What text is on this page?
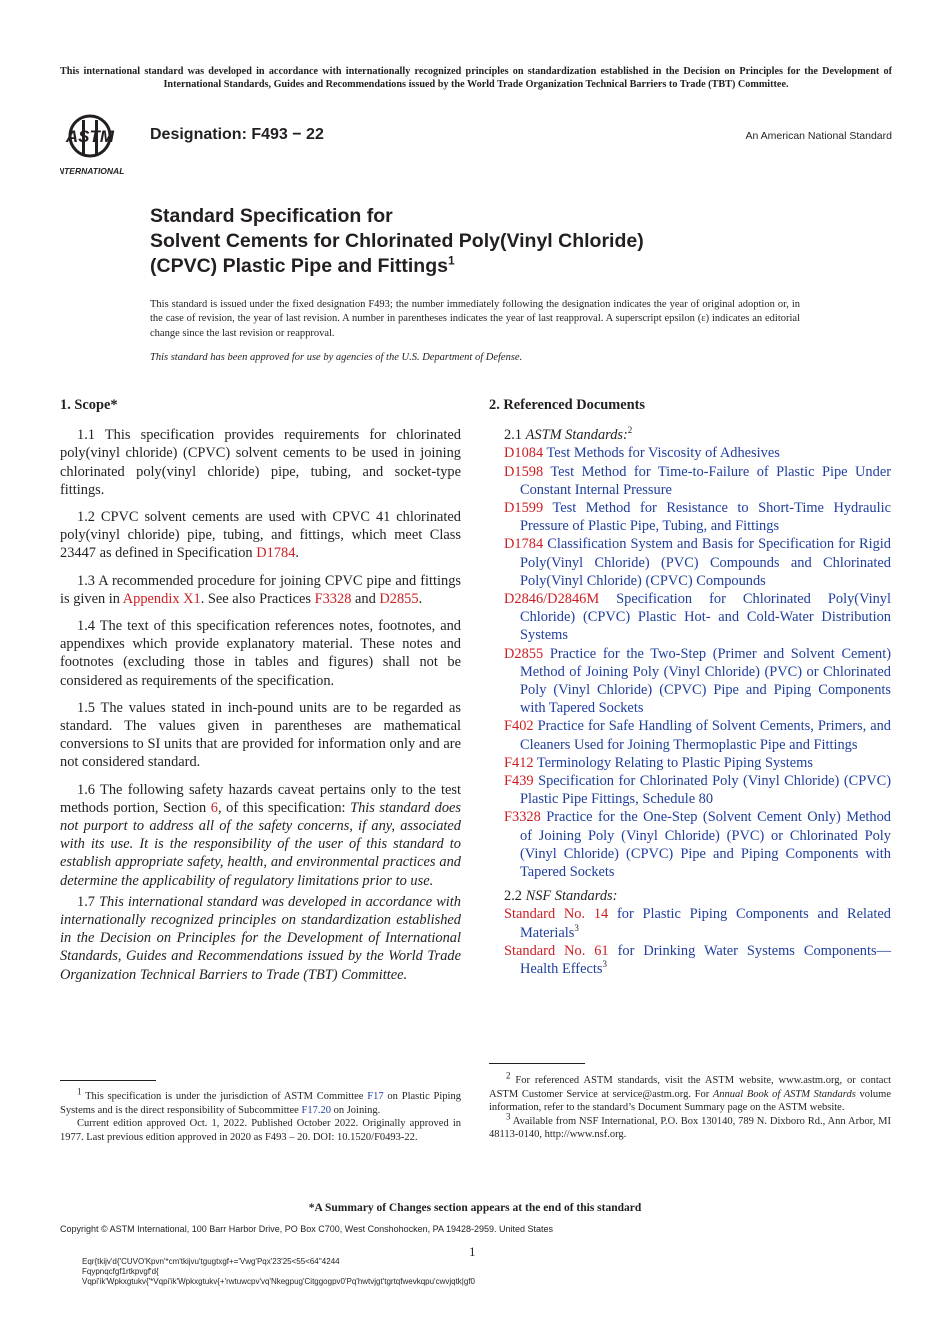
This international standard was developed in accordance with internationally recognized principles on standardization established in the Decision on Principles for the Development of International Standards, Guides and Recommendations issued by the World Trade Organization Technical Barriers to Trade (TBT) Committee.
ASTM
INTERNATIONAL
Designation: F493 − 22	An American National Standard
Standard Specification for
Solvent Cements for Chlorinated Poly(Vinyl Chloride)
(CPVC) Plastic Pipe and Fittings$^1$
This standard is issued under the fixed designation F493; the number immediately following the designation indicates the year of original adoption or, in the case of revision, the year of last revision. A number in parentheses indicates the year of last reapproval. A superscript epsilon (ε) indicates an editorial change since the last revision or reapproval.
This standard has been approved for use by agencies of the U.S. Department of Defense.
1. Scope*

1.1 This specification provides requirements for chlorinated poly(vinyl chloride) (CPVC) solvent cements to be used in joining chlorinated poly(vinyl chloride) pipe, tubing, and socket-type fittings.

1.2 CPVC solvent cements are used with CPVC 41 chlorinated poly(vinyl chloride) pipe, tubing, and fittings, which meet Class 23447 as defined in Specification D1784.

1.3 A recommended procedure for joining CPVC pipe and fittings is given in Appendix X1. See also Practices F3328 and D2855.

1.4 The text of this specification references notes, footnotes, and appendixes which provide explanatory material. These notes and footnotes (excluding those in tables and figures) shall not be considered as requirements of the specification.

1.5 The values stated in inch-pound units are to be regarded as standard. The values given in parentheses are mathematical conversions to SI units that are provided for information only and are not considered standard.

1.6 The following safety hazards caveat pertains only to the test methods portion, Section 6, of this specification: This standard does not purport to address all of the safety concerns, if any, associated with its use. It is the responsibility of the user of this standard to establish appropriate safety, health, and environmental practices and determine the applicability of regulatory limitations prior to use.

1.7 This international standard was developed in accordance with internationally recognized principles on standardization established in the Decision on Principles for the Development of International Standards, Guides and Recommendations issued by the World Trade Organization Technical Barriers to Trade (TBT) Committee.

2. Referenced Documents
2.1 ASTM Standards:$^2$

D1084 Test Methods for Viscosity of Adhesives

D1598 Test Method for Time-to-Failure of Plastic Pipe Under Constant Internal Pressure

D1599 Test Method for Resistance to Short-Time Hydraulic Pressure of Plastic Pipe, Tubing, and Fittings

D1784 Classification System and Basis for Specification for Rigid Poly(Vinyl Chloride) (PVC) Compounds and Chlorinated Poly(Vinyl Chloride) (CPVC) Compounds

D2846/D2846M Specification for Chlorinated Poly(Vinyl Chloride) (CPVC) Plastic Hot- and Cold-Water Distribution Systems

D2855 Practice for the Two-Step (Primer and Solvent Cement) Method of Joining Poly (Vinyl Chloride) (PVC) or Chlorinated Poly (Vinyl Chloride) (CPVC) Pipe and Piping Components with Tapered Sockets

F402 Practice for Safe Handling of Solvent Cements, Primers, and Cleaners Used for Joining Thermoplastic Pipe and Fittings

F412 Terminology Relating to Plastic Piping Systems

F439 Specification for Chlorinated Poly (Vinyl Chloride) (CPVC) Plastic Pipe Fittings, Schedule 80

F3328 Practice for the One-Step (Solvent Cement Only) Method of Joining Poly (Vinyl Chloride) (PVC) or Chlorinated Poly (Vinyl Chloride) (CPVC) Pipe and Piping Components with Tapered Sockets

2.2 NSF Standards:

Standard No. 14 for Plastic Piping Components and Related Materials$^3$

Standard No. 61 for Drinking Water Systems Components—Health Effects$^3$

$^1$ This specification is under the jurisdiction of ASTM Committee F17 on Plastic Piping Systems and is the direct responsibility of Subcommittee F17.20 on Joining.
Current edition approved Oct. 1, 2022. Published October 2022. Originally approved in 1977. Last previous edition approved in 2020 as F493 – 20. DOI: 10.1520/F0493-22.
$^2$ For referenced ASTM standards, visit the ASTM website, www.astm.org, or contact ASTM Customer Service at service@astm.org. For Annual Book of ASTM Standards volume information, refer to the standard’s Document Summary page on the ASTM website.
$^3$ Available from NSF International, P.O. Box 130140, 789 N. Dixboro Rd., Ann Arbor, MI 48113-0140, http://www.nsf.org.
*A Summary of Changes section appears at the end of this standard
Copyright © ASTM International, 100 Barr Harbor Drive, PO Box C700, West Conshohocken, PA 19428-2959. United States
1
Eqr{tkijv'd{'CUVO'Kpvn'*cm'tkijvu'tgugtxgf+='Vwg'Pqx'23'25<55<64''4244
Fqypnqcfgf1rtkpvgf'd{
Vqpi'ik'Wpkxgtukv{'*Vqpi'ik'Wpkxgtukv{+'rwtuwcpv'vq'Nkegpug'Citggogpv0'Pq'hwtvjgt'tgrtqfwevkqpu'cwvjqtk|gf0
